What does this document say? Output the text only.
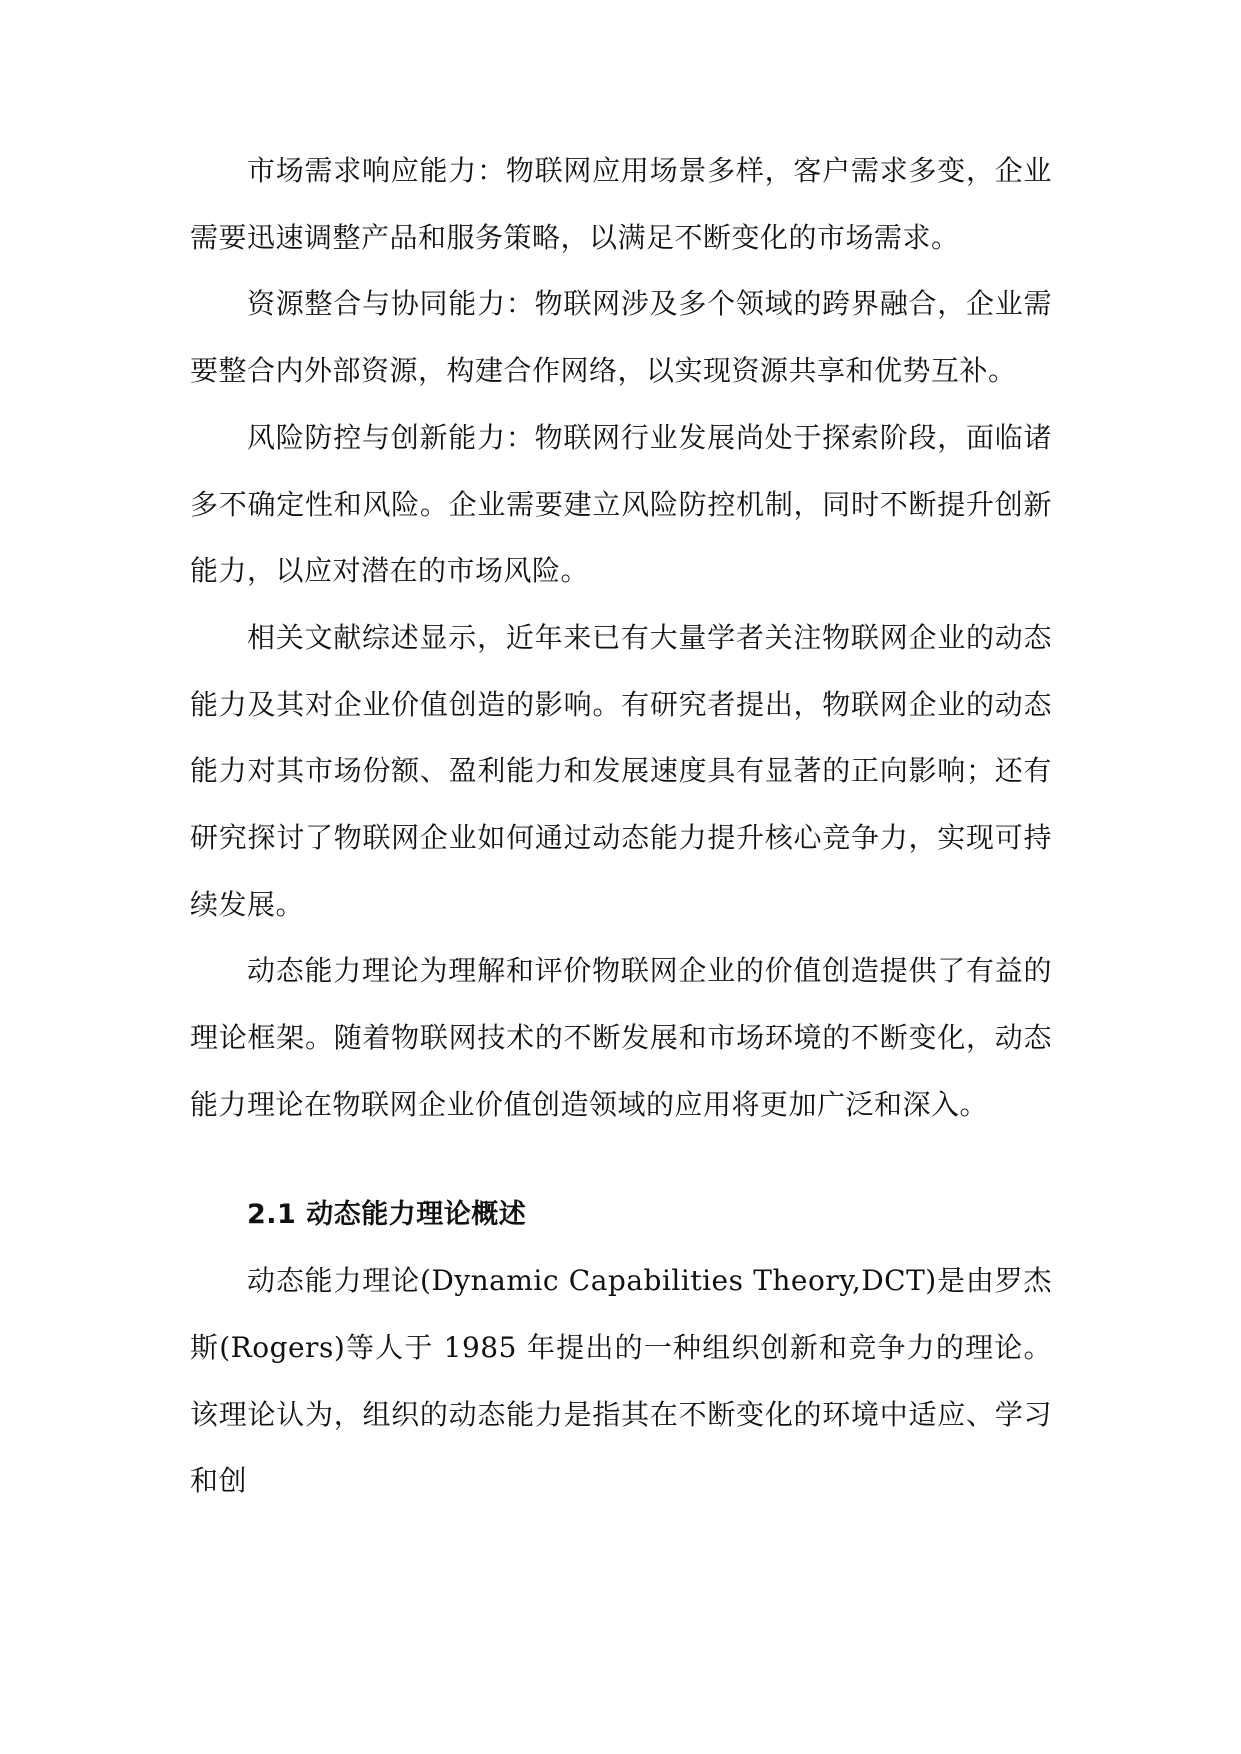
市场需求响应能力：物联网应用场景多样，客户需求多变，企业需要迅速调整产品和服务策略，以满足不断变化的市场需求。

资源整合与协同能力：物联网涉及多个领域的跨界融合，企业需要整合内外部资源，构建合作网络，以实现资源共享和优势互补。

风险防控与创新能力：物联网行业发展尚处于探索阶段，面临诸多不确定性和风险。企业需要建立风险防控机制，同时不断提升创新能力，以应对潜在的市场风险。

相关文献综述显示，近年来已有大量学者关注物联网企业的动态能力及其对企业价值创造的影响。有研究者提出，物联网企业的动态能力对其市场份额、盈利能力和发展速度具有显著的正向影响；还有研究探讨了物联网企业如何通过动态能力提升核心竞争力，实现可持续发展。

动态能力理论为理解和评价物联网企业的价值创造提供了有益的理论框架。随着物联网技术的不断发展和市场环境的不断变化，动态能力理论在物联网企业价值创造领域的应用将更加广泛和深入。

2.1 动态能力理论概述

动态能力理论(Dynamic Capabilities Theory,DCT)是由罗杰斯(Rogers)等人于 1985 年提出的一种组织创新和竞争力的理论。该理论认为，组织的动态能力是指其在不断变化的环境中适应、学习和创
